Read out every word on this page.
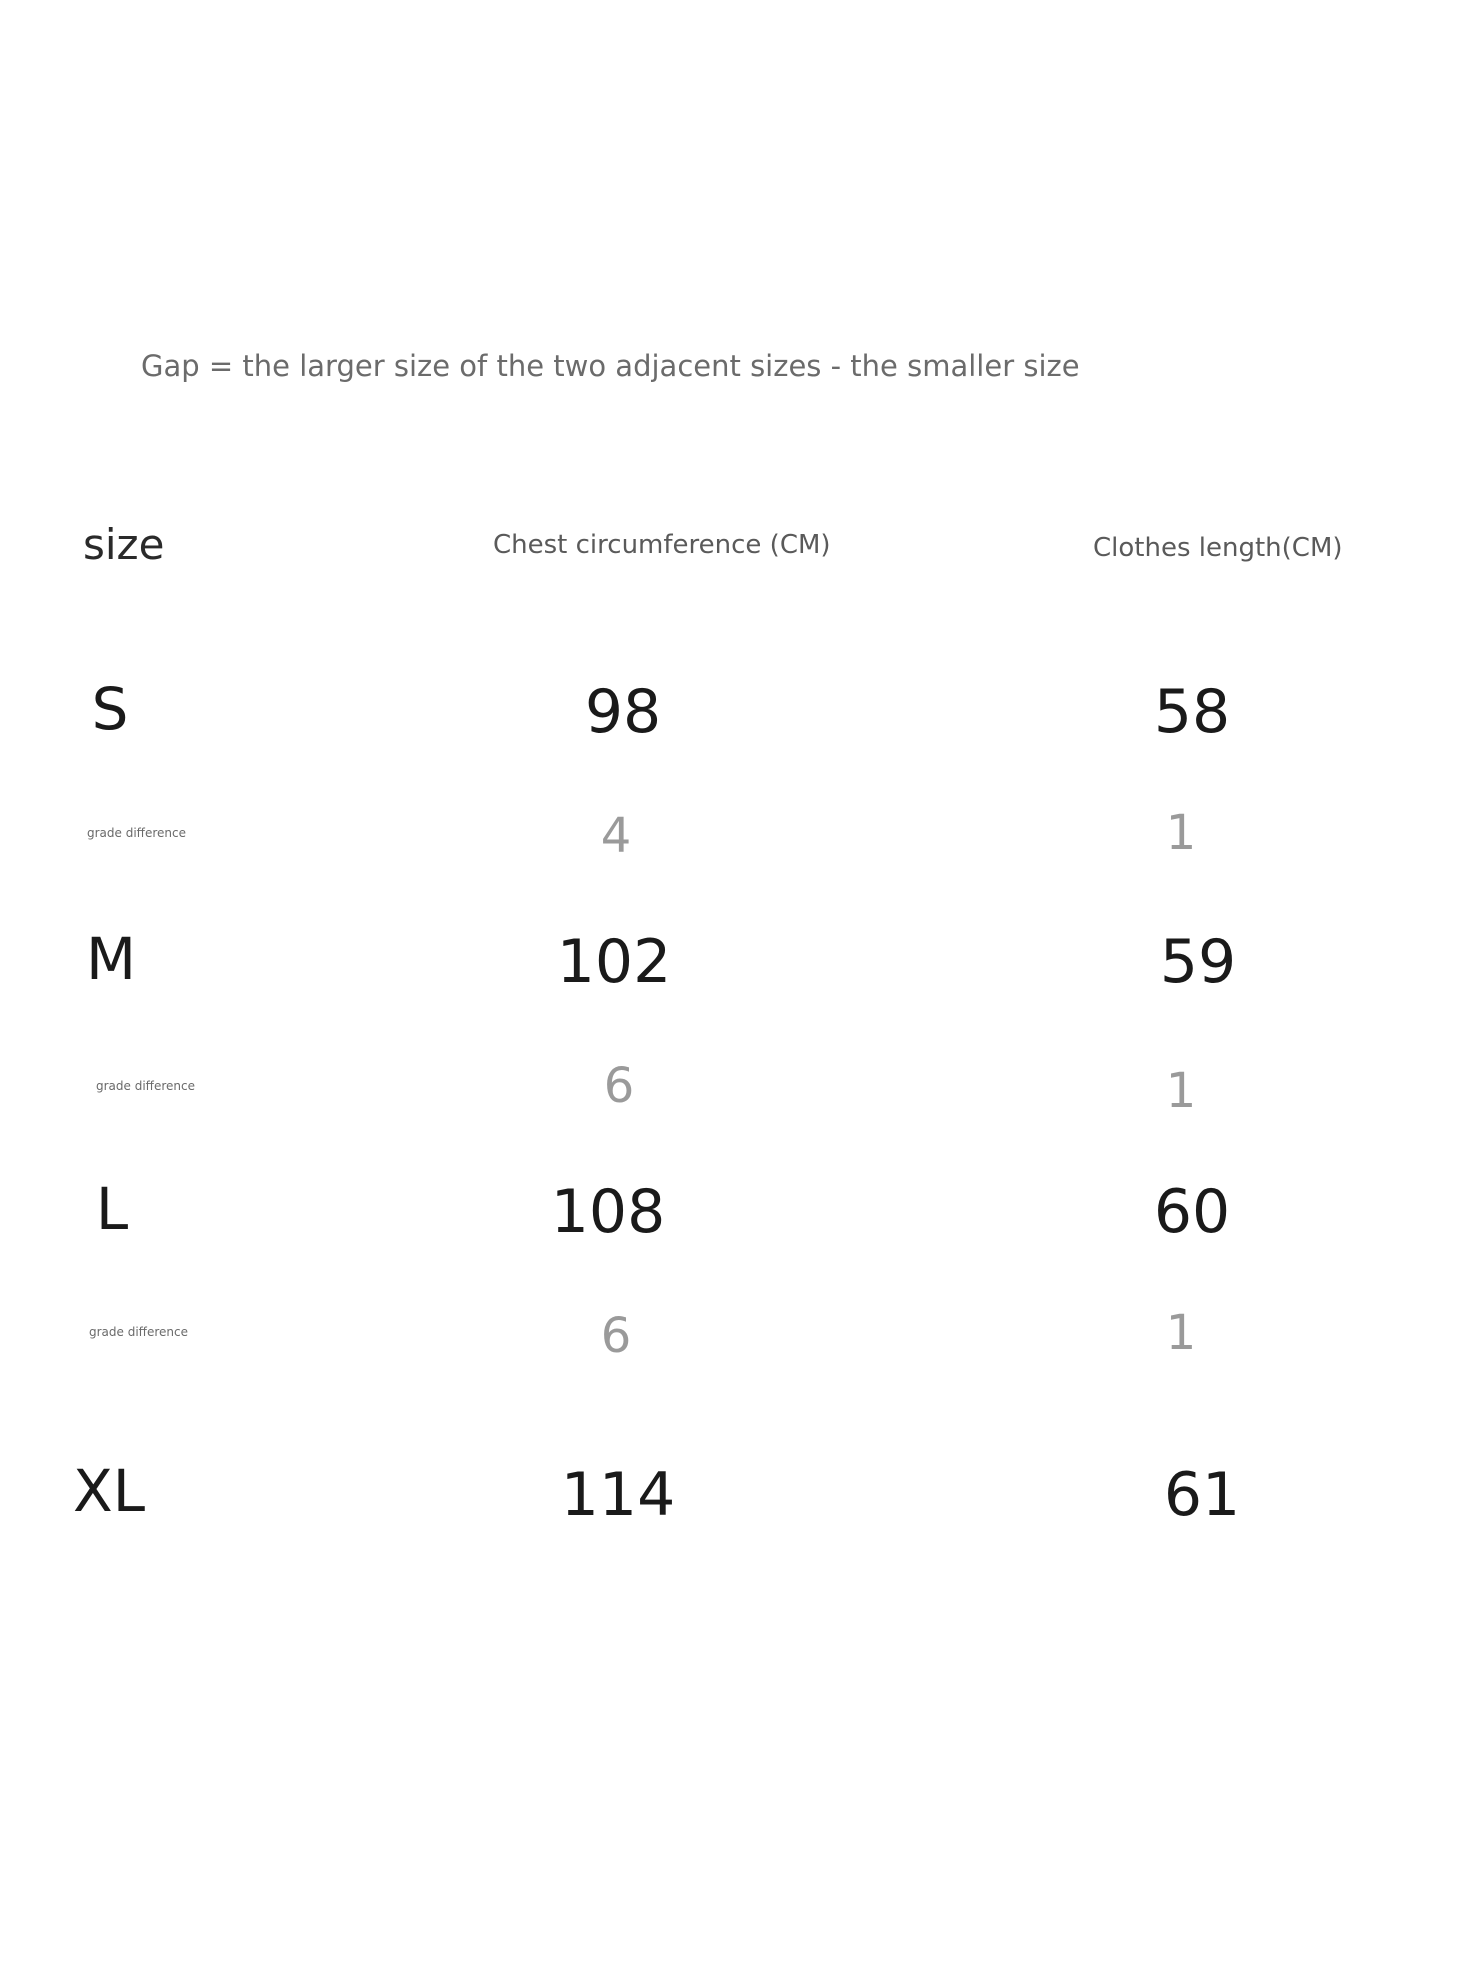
Gap = the larger size of the two adjacent sizes - the smaller size
size	Chest circumference (CM)	Clothes length(CM)
S	98	58
grade difference	4	1
M	102	59
grade difference	6	1
L	108	60
grade difference	6	1
XL	114	61
